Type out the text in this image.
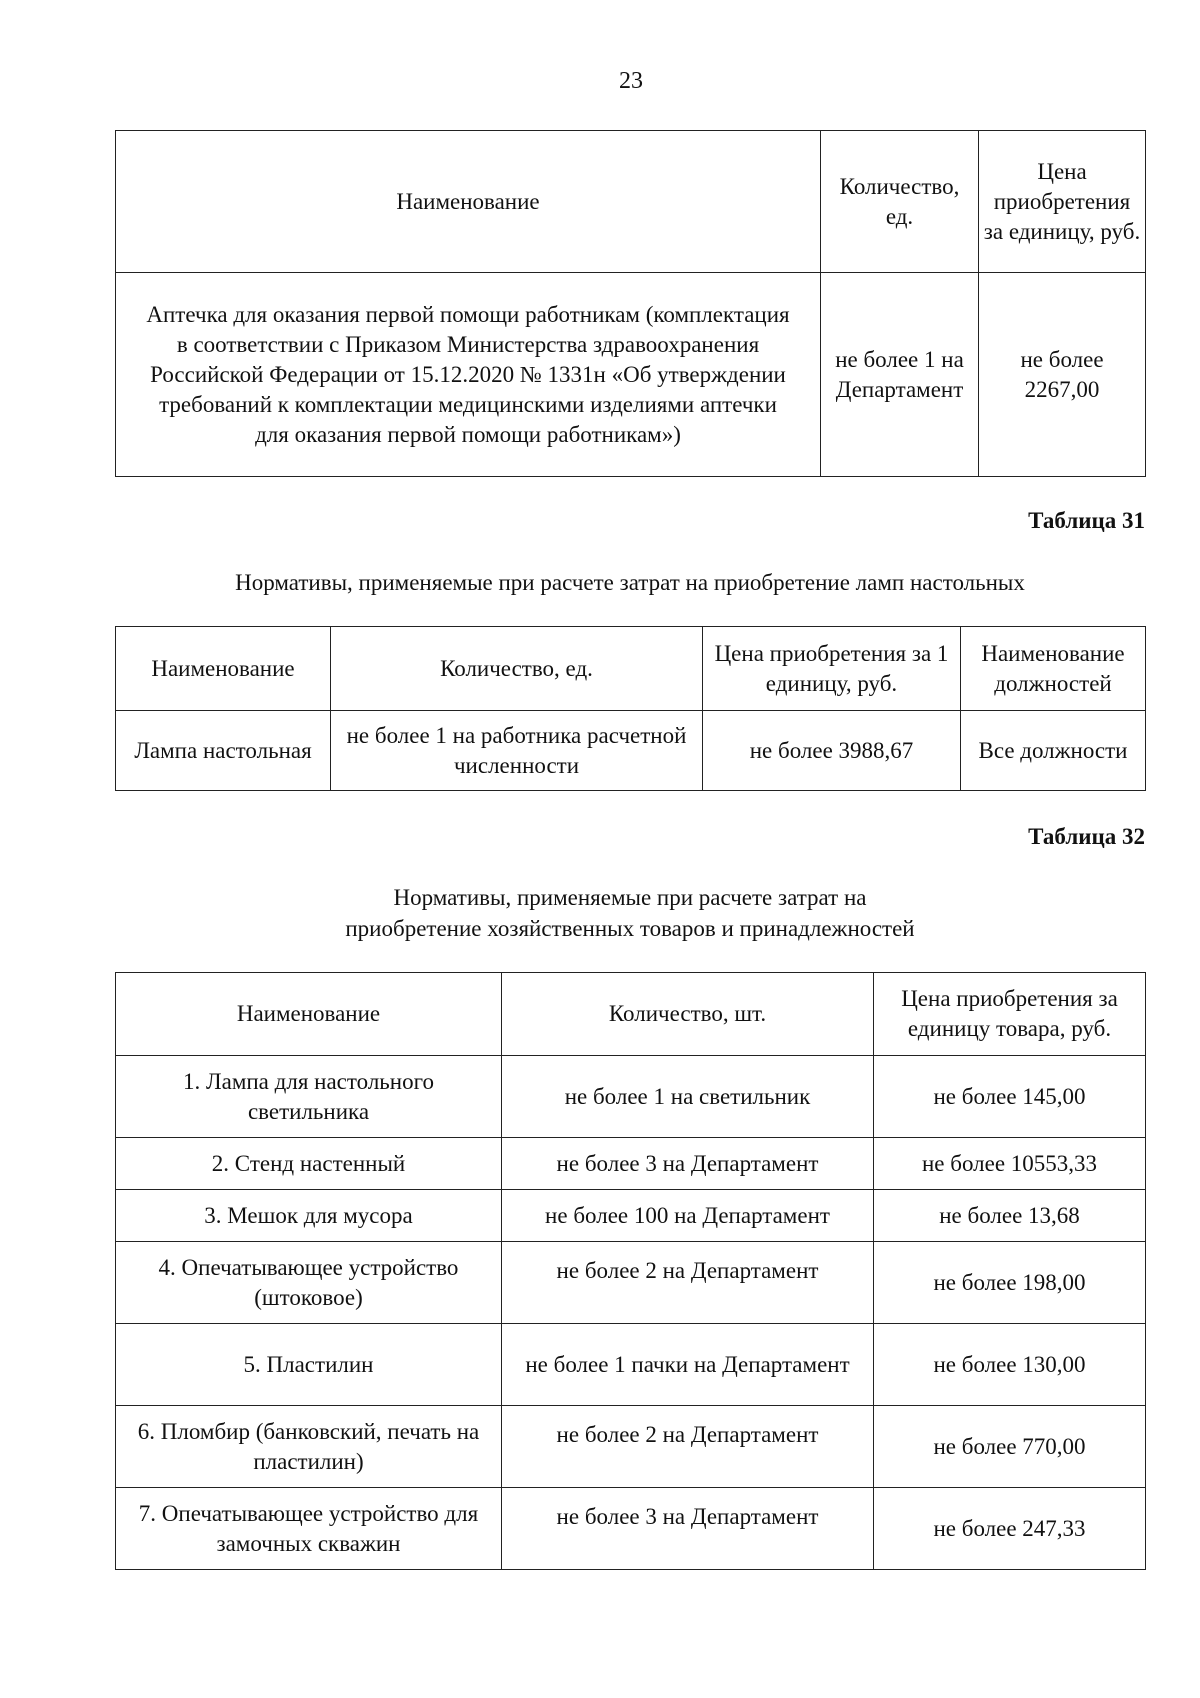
23
Наименование	Количество, ед.	Цена приобретения за единицу, руб.
Аптечка для оказания первой помощи работникам (комплектация в соответствии с Приказом Министерства здравоохранения Российской Федерации от 15.12.2020 № 1331н «Об утверждении требований к комплектации медицинскими изделиями аптечки для оказания первой помощи работникам»)	не более 1 на Департамент	не более 2267,00
Таблица 31
Нормативы, применяемые при расчете затрат на приобретение ламп настольных
Наименование	Количество, ед.	Цена приобретения за 1 единицу, руб.	Наименование должностей
Лампа настольная	не более 1 на работника расчетной численности	не более 3988,67	Все должности
Таблица 32
Нормативы, применяемые при расчете затрат на приобретение хозяйственных товаров и принадлежностей
Наименование	Количество, шт.	Цена приобретения за единицу товара, руб.
1. Лампа для настольного светильника	не более 1 на светильник	не более 145,00
2. Стенд настенный	не более 3 на Департамент	не более 10553,33
3. Мешок для мусора	не более 100 на Департамент	не более 13,68
4. Опечатывающее устройство (штоковое)	не более 2 на Департамент	не более 198,00
5. Пластилин	не более 1 пачки на Департамент	не более 130,00
6. Пломбир (банковский, печать на пластилин)	не более 2 на Департамент	не более 770,00
7. Опечатывающее устройство для замочных скважин	не более 3 на Департамент	не более 247,33
